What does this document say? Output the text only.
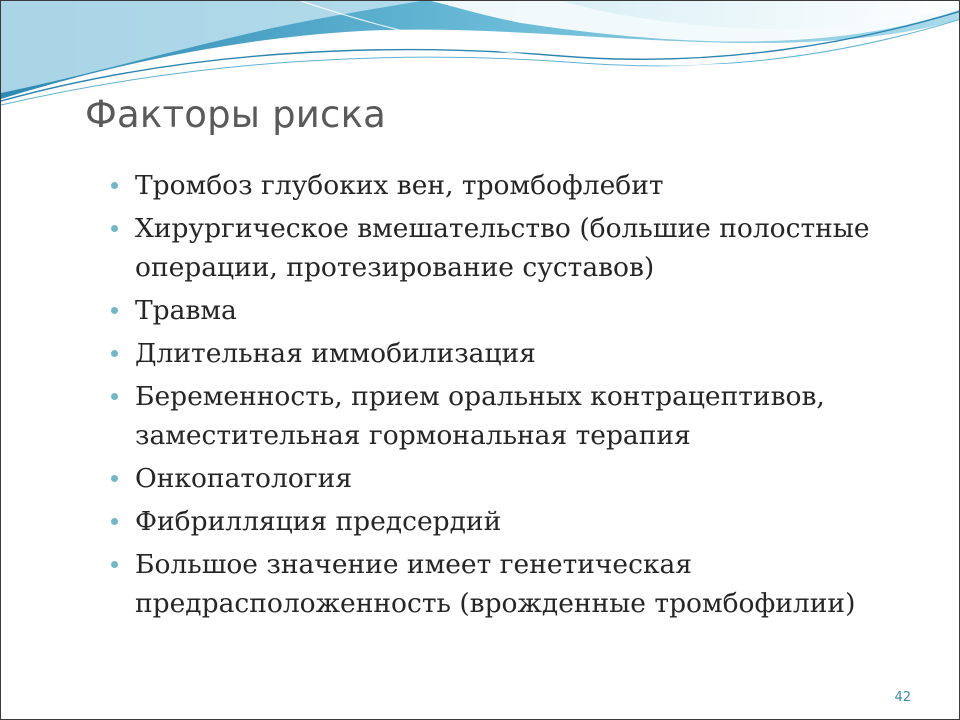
Факторы риска
Тромбоз глубоких вен, тромбофлебит
Хирургическое вмешательство (большие полостные операции, протезирование суставов)
Травма
Длительная иммобилизация
Беременность, прием оральных контрацептивов, заместительная гормональная терапия
Онкопатология
Фибрилляция предсердий
Большое значение имеет генетическая предрасположенность (врожденные тромбофилии)
42
